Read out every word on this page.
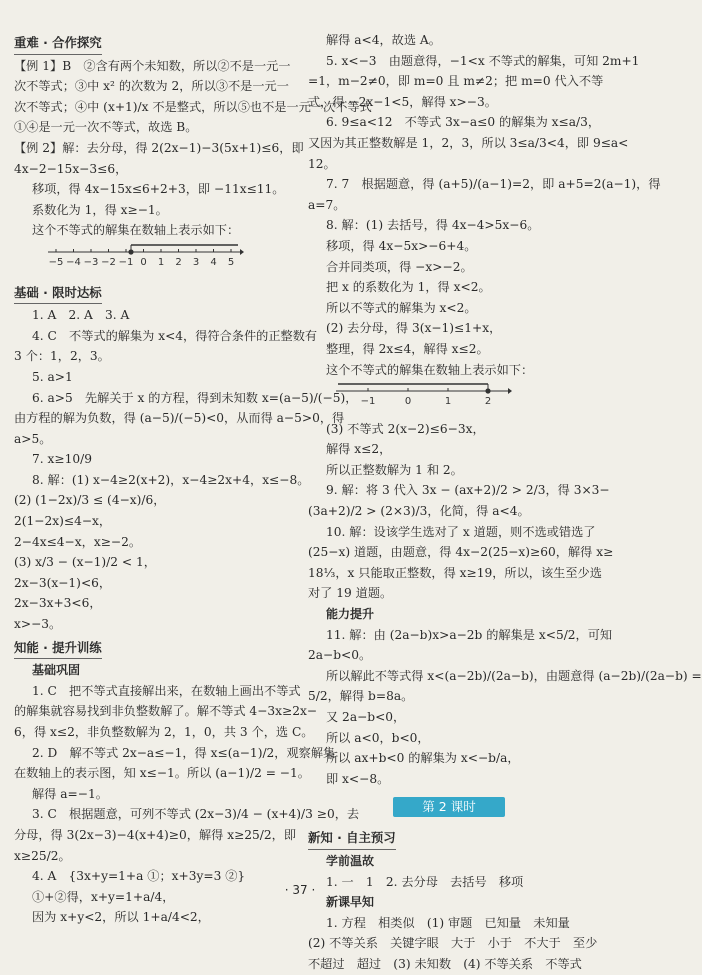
重难 · 合作探究
【例 1】B　②含有两个未知数，所以②不是一元一
次不等式；③中 x² 的次数为 2，所以③不是一元一
次不等式；④中 (x+1)/x 不是整式，所以⑤也不是一元一次不等式
①④是一元一次不等式，故选 B。
【例 2】解：去分母，得 2(2x−1)−3(5x+1)≤6，即
4x−2−15x−3≤6，
移项，得 4x−15x≤6+2+3，即 −11x≤11。
系数化为 1，得 x≥−1。
这个不等式的解集在数轴上表示如下：
−5 −4 −3 −2 −1 0 1 2 3 4 5
基础 · 限时达标
1. A　2. A　3. A
4. C　不等式的解集为 x<4，得符合条件的正整数有
3 个：1，2，3。
5. a>1
6. a>5　先解关于 x 的方程，得到未知数 x=(a−5)/(−5)，
由方程的解为负数，得 (a−5)/(−5)<0，从而得 a−5>0，得
a>5。
7. x≥10/9
8. 解：(1) x−4≥2(x+2)，x−4≥2x+4，x≤−8。
(2) (1−2x)/3 ≤ (4−x)/6，
2(1−2x)≤4−x，
2−4x≤4−x，x≥−2。
(3) x/3 − (x−1)/2 < 1，
2x−3(x−1)<6，
2x−3x+3<6，
x>−3。
知能 · 提升训练
基础巩固
1. C　把不等式直接解出来，在数轴上画出不等式
的解集就容易找到非负整数解了。解不等式 4−3x≥2x−
6，得 x≤2，非负整数解为 2，1，0，共 3 个，选 C。
2. D　解不等式 2x−a≤−1，得 x≤(a−1)/2，观察解集
在数轴上的表示图，知 x≤−1。所以 (a−1)/2 = −1。
解得 a=−1。
3. C　根据题意，可列不等式 (2x−3)/4 − (x+4)/3 ≥0，去
分母，得 3(2x−3)−4(x+4)≥0，解得 x≥25/2，即
x≥25/2。
4. A　{3x+y=1+a ①；x+3y=3 ②}
①+②得，x+y=1+a/4，
因为 x+y<2，所以 1+a/4<2，
解得 a<4，故选 A。
5. x<−3　由题意得，−1<x 不等式的解集，可知 2m+1
=1，m−2≠0，即 m=0 且 m≠2；把 m=0 代入不等
式，得 −2x−1<5，解得 x>−3。
6. 9≤a<12　不等式 3x−a≤0 的解集为 x≤a/3，
又因为其正整数解是 1，2，3，所以 3≤a/3<4，即 9≤a<
12。
7. 7　根据题意，得 (a+5)/(a−1)=2，即 a+5=2(a−1)，得
a=7。
8. 解：(1) 去括号，得 4x−4>5x−6。
移项，得 4x−5x>−6+4。
合并同类项，得 −x>−2。
把 x 的系数化为 1，得 x<2。
所以不等式的解集为 x<2。
(2) 去分母，得 3(x−1)≤1+x，
整理，得 2x≤4，解得 x≤2。
这个不等式的解集在数轴上表示如下：
−1	0	1	2
(3) 不等式 2(x−2)≤6−3x，
解得 x≤2，
所以正整数解为 1 和 2。
9. 解：将 3 代入 3x − (ax+2)/2 > 2/3，得 3×3−
(3a+2)/2 > (2×3)/3，化简，得 a<4。
10. 解：设该学生选对了 x 道题，则不选或错选了
(25−x) 道题，由题意，得 4x−2(25−x)≥60，解得 x≥
18⅓，x 只能取正整数，得 x≥19，所以，该生至少选
对了 19 道题。
能力提升
11. 解：由 (2a−b)x>a−2b 的解集是 x<5/2，可知
2a−b<0。
所以解此不等式得 x<(a−2b)/(2a−b)，由题意得 (a−2b)/(2a−b) =
5/2，解得 b=8a。
又 2a−b<0，
所以 a<0，b<0，
所以 ax+b<0 的解集为 x<−b/a，
即 x<−8。
第 2 课时
新知 · 自主预习
学前温故
1. 一　1　2. 去分母　去括号　移项
新课早知
1. 方程　相类似　(1) 审题　已知量　未知量
(2) 不等关系　关键字眼　大于　小于　不大于　至少
不超过　超过　(3) 未知数　(4) 不等关系　不等式
· 37 ·
